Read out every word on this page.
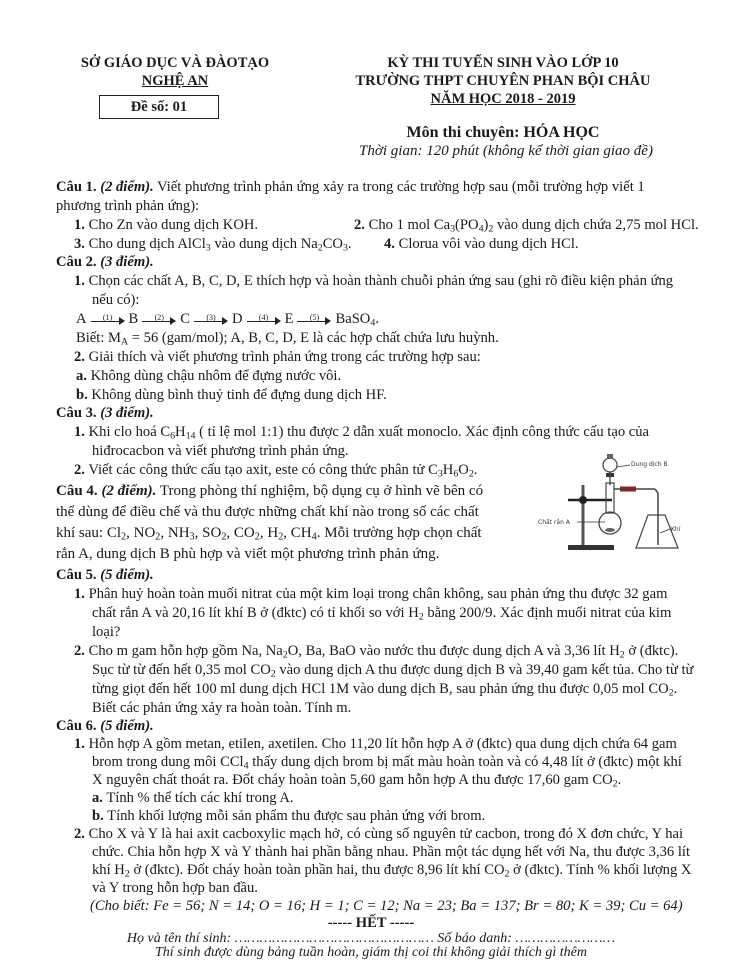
SỞ GIÁO DỤC VÀ ĐÀOTẠO
NGHỆ AN
Đề số: 01
KỲ THI TUYỂN SINH VÀO LỚP 10
TRƯỜNG THPT CHUYÊN PHAN BỘI CHÂU
NĂM HỌC 2018 - 2019
Môn thi chuyên: HÓA HỌC
Thời gian: 120 phút (không kể thời gian giao đề)
Câu 1. (2 điểm). Viết phương trình phản ứng xảy ra trong các trường hợp sau (mỗi trường hợp viết 1
phương trình phản ứng):
1. Cho Zn vào dung dịch KOH.	2. Cho 1 mol $Ca_3(PO_4)_2$ vào dung dịch chứa 2,75 mol HCl.
3. Cho dung dịch AlCl$_3$ vào dung dịch $Na_2CO_3$. 4. Clorua vôi vào dung dịch HCl.
Câu 2. (3 điểm).
1. Chọn các chất A, B, C, D, E thích hợp và hoàn thành chuỗi phản ứng sau (ghi rõ điều kiện phản ứng
nếu có):
A	(1)	B	(2)	C	(3)	D	(4)	E	(5)	BaSO$_4$.
Biết: $M_A = 56$ (gam/mol); A, B, C, D, E là các hợp chất chứa lưu huỳnh.
2. Giải thích và viết phương trình phản ứng trong các trường hợp sau:
a. Không dùng chậu nhôm để đựng nước vôi.
b. Không dùng bình thuỷ tinh để đựng dung dịch HF.
Câu 3. (3 điểm).
1. Khi clo hoá $C_6H_{14}$ ( tỉ lệ mol 1:1) thu được 2 dẫn xuất monoclo. Xác định công thức cấu tạo của
hiđrocacbon và viết phương trình phản ứng.
2. Viết các công thức cấu tạo axit, este có công thức phân tử $C_3H_6O_2$.
Câu 4. (2 điểm). Trong phòng thí nghiệm, bộ dụng cụ ở hình vẽ bên có
thể dùng để điều chế và thu được những chất khí nào trong số các chất
khí sau: $Cl_2$, $NO_2$, $NH_3$, $SO_2$, $CO_2$, $H_2$, $CH_4$. Mỗi trường hợp chọn chất
rắn A, dung dịch B phù hợp và viết một phương trình phản ứng.
Dung dịch B
Chất rắn A
Khí
Câu 5. (5 điểm).
1. Phân huỷ hoàn toàn muối nitrat của một kim loại trong chân không, sau phản ứng thu được 32 gam
chất rắn A và 20,16 lít khí B ở (đktc) có tỉ khối so với $H_2$ bằng 200/9. Xác định muối nitrat của kim
loại?
2. Cho m gam hỗn hợp gồm Na, $Na_2O$, Ba, BaO vào nước thu được dung dịch A và 3,36 lít $H_2$ ở (đktc).
Sục từ từ đến hết 0,35 mol $CO_2$ vào dung dịch A thu được dung dịch B và 39,40 gam kết tủa. Cho từ từ
từng giọt đến hết 100 ml dung dịch HCl 1M vào dung dịch B, sau phản ứng thu được 0,05 mol $CO_2$.
Biết các phản ứng xảy ra hoàn toàn. Tính m.
Câu 6. (5 điểm).
1. Hỗn hợp A gồm metan, etilen, axetilen. Cho 11,20 lít hỗn hợp A ở (đktc) qua dung dịch chứa 64 gam
brom trong dung môi CCl$_4$ thấy dung dịch brom bị mất màu hoàn toàn và có 4,48 lít ở (đktc) một khí
X nguyên chất thoát ra. Đốt cháy hoàn toàn 5,60 gam hỗn hợp A thu được 17,60 gam $CO_2$.
a. Tính % thể tích các khí trong A.
b. Tính khối lượng mỗi sản phẩm thu được sau phản ứng với brom.
2. Cho X và Y là hai axit cacboxylic mạch hở, có cùng số nguyên tử cacbon, trong đó X đơn chức, Y hai
chức. Chia hỗn hợp X và Y thành hai phần bằng nhau. Phần một tác dụng hết với Na, thu được 3,36 lít
khí $H_2$ ở (đktc). Đốt cháy hoàn toàn phần hai, thu được 8,96 lít khí $CO_2$ ở (đktc). Tính % khối lượng X
và Y trong hỗn hợp ban đầu.
(Cho biết: Fe = 56; N = 14; O = 16; H = 1; C = 12; Na = 23; Ba = 137; Br = 80; K = 39; Cu = 64)
----- HẾT -----
Họ và tên thí sinh: ………………………………………… Số báo danh: ……………………
Thí sinh được dùng bảng tuần hoàn, giám thị coi thi không giải thích gì thêm
